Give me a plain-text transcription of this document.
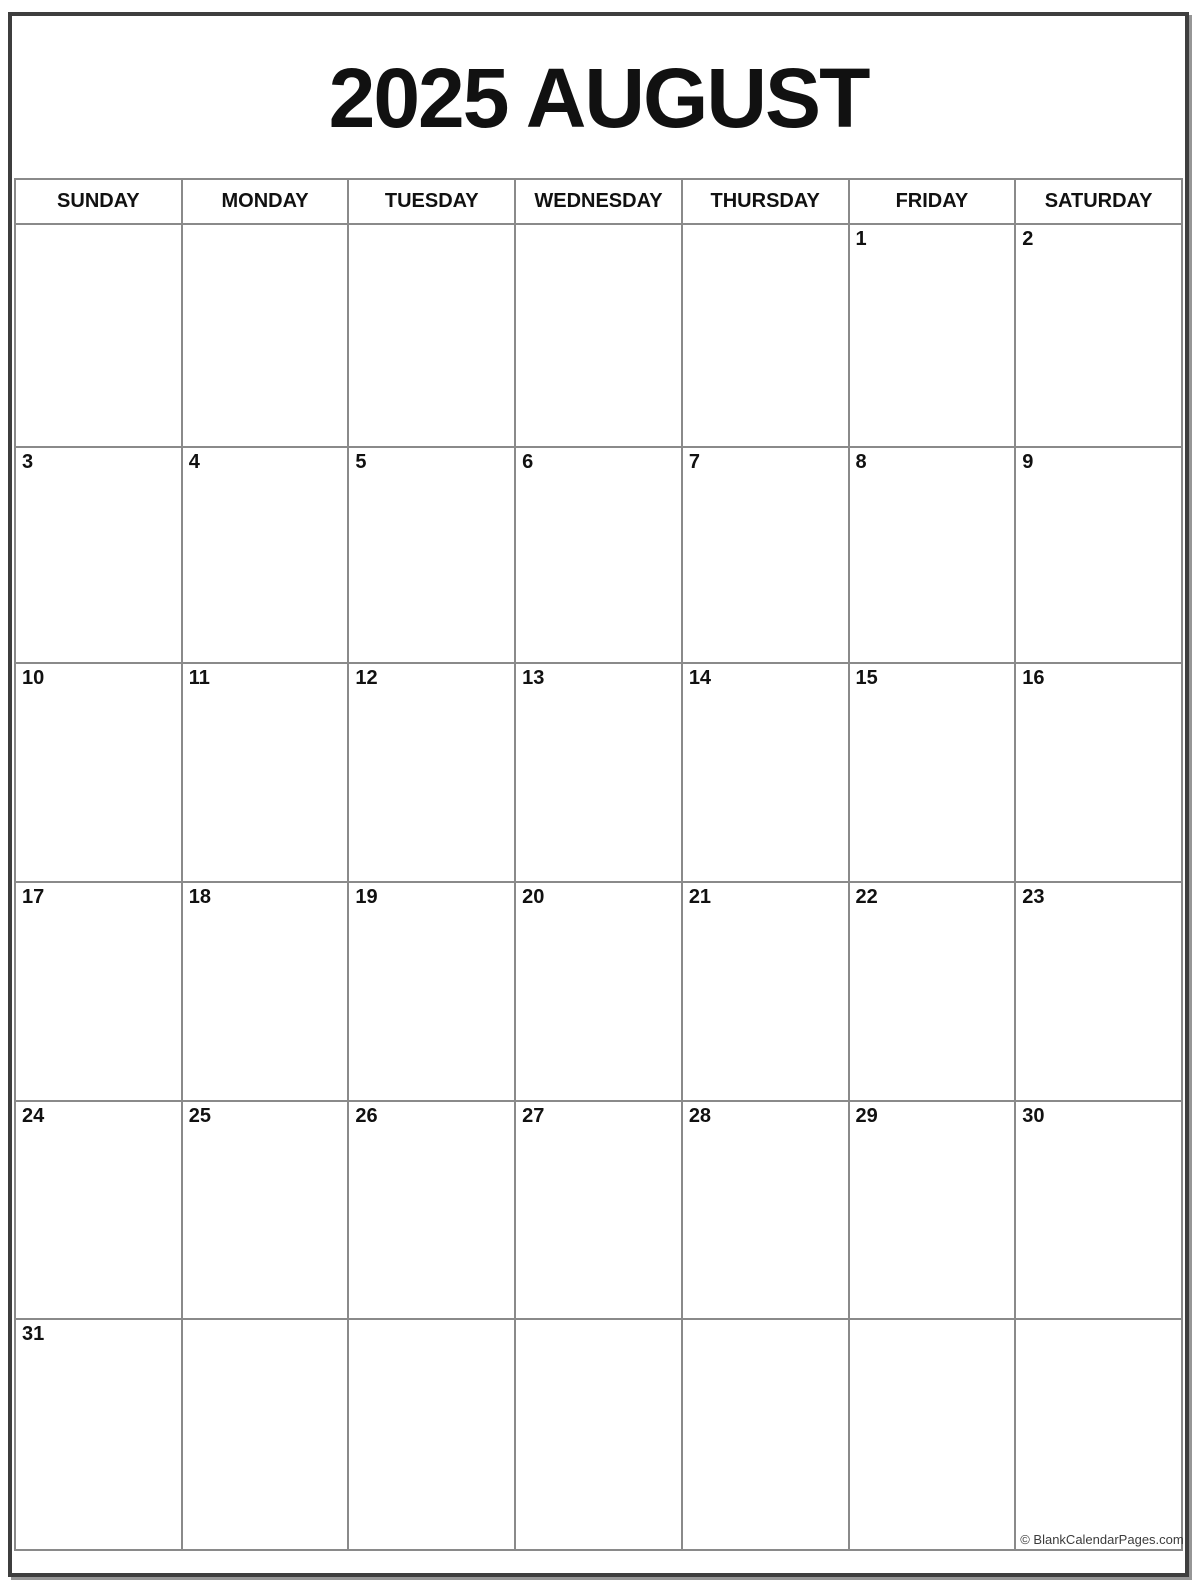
2025 AUGUST
SUNDAY	MONDAY	TUESDAY	WEDNESDAY	THURSDAY	FRIDAY	SATURDAY
					1	2
3	4	5	6	7	8	9
10	11	12	13	14	15	16
17	18	19	20	21	22	23
24	25	26	27	28	29	30
31						© BlankCalendarPages.com
